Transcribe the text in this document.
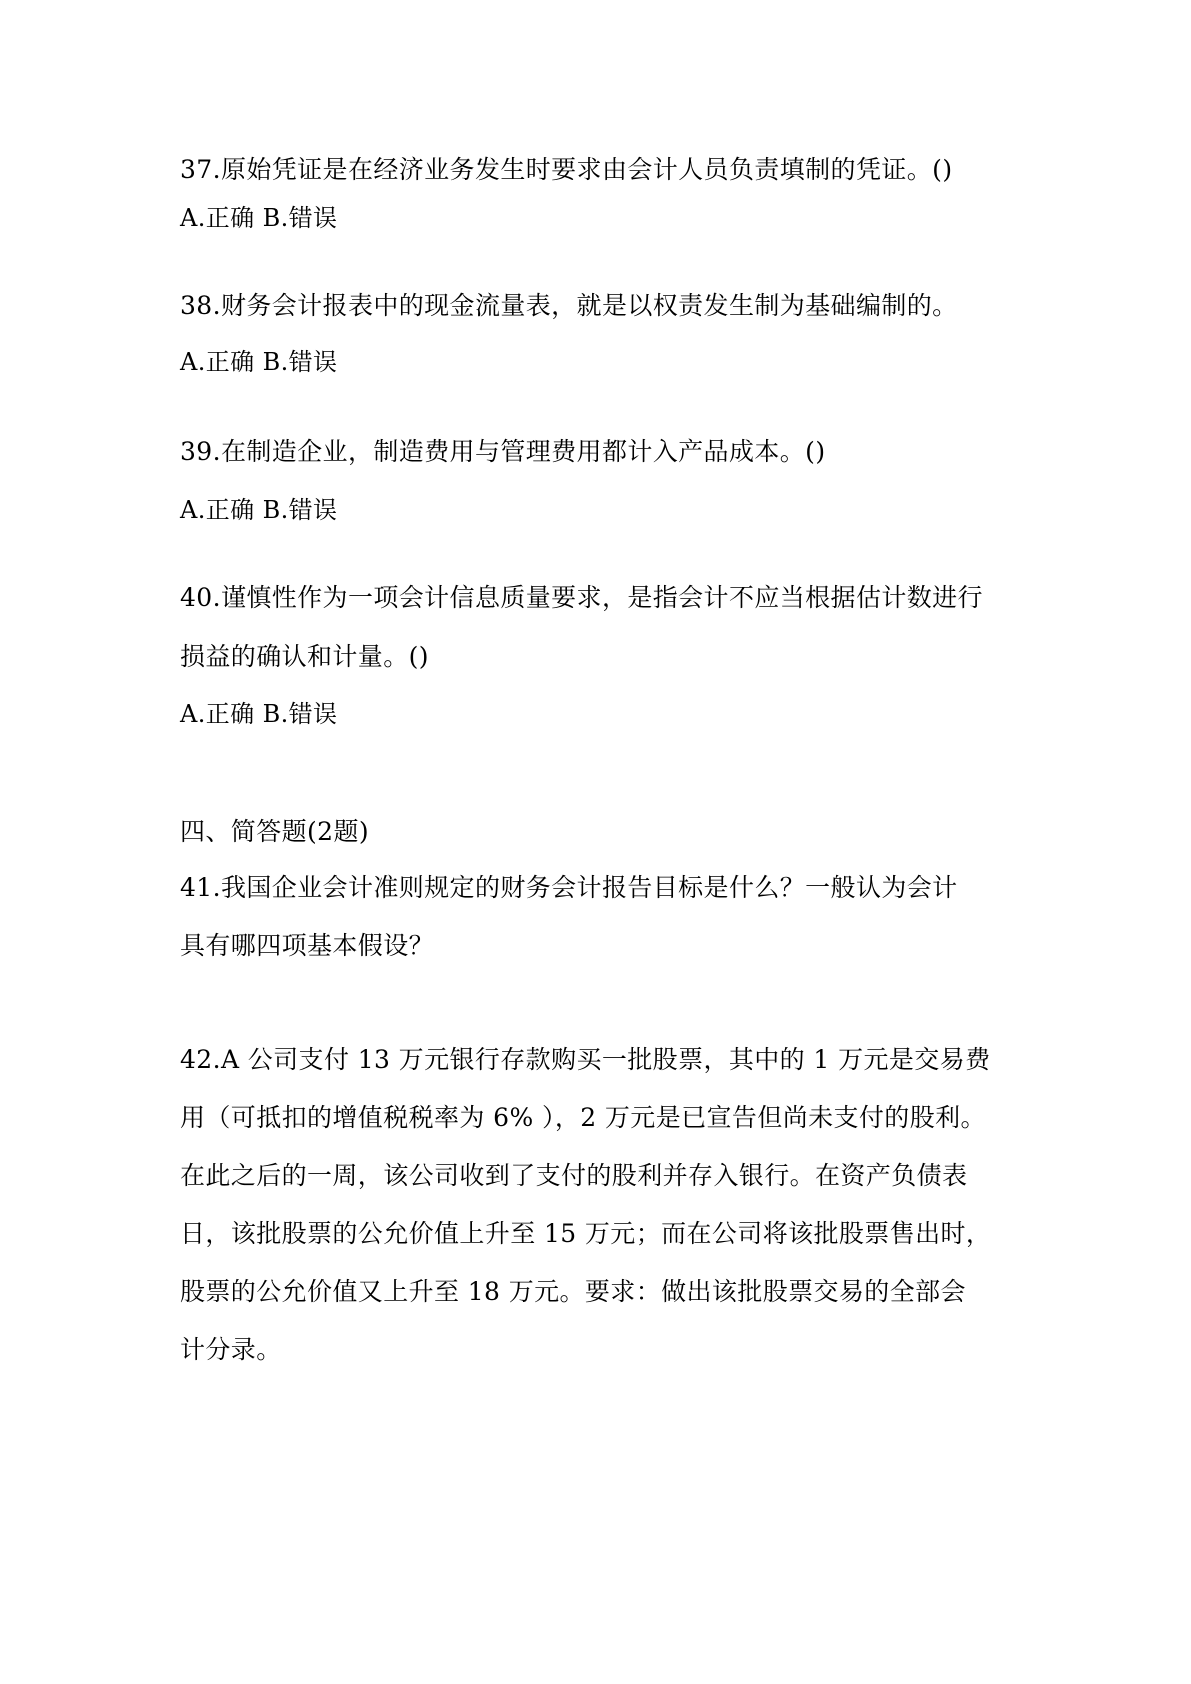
37.原始凭证是在经济业务发生时要求由会计人员负责填制的凭证。()
A.正确 B.错误
38.财务会计报表中的现金流量表，就是以权责发生制为基础编制的。
A.正确 B.错误
39.在制造企业，制造费用与管理费用都计入产品成本。()
A.正确 B.错误
40.谨慎性作为一项会计信息质量要求，是指会计不应当根据估计数进行
损益的确认和计量。()
A.正确 B.错误
四、简答题(2题)
41.我国企业会计准则规定的财务会计报告目标是什么？一般认为会计
具有哪四项基本假设？
42.A 公司支付 13 万元银行存款购买一批股票，其中的 1 万元是交易费
用（可抵扣的增值税税率为 6% ），2 万元是已宣告但尚未支付的股利。
在此之后的一周，该公司收到了支付的股利并存入银行。在资产负债表
日，该批股票的公允价值上升至 15 万元；而在公司将该批股票售出时，
股票的公允价值又上升至 18 万元。要求：做出该批股票交易的全部会
计分录。
